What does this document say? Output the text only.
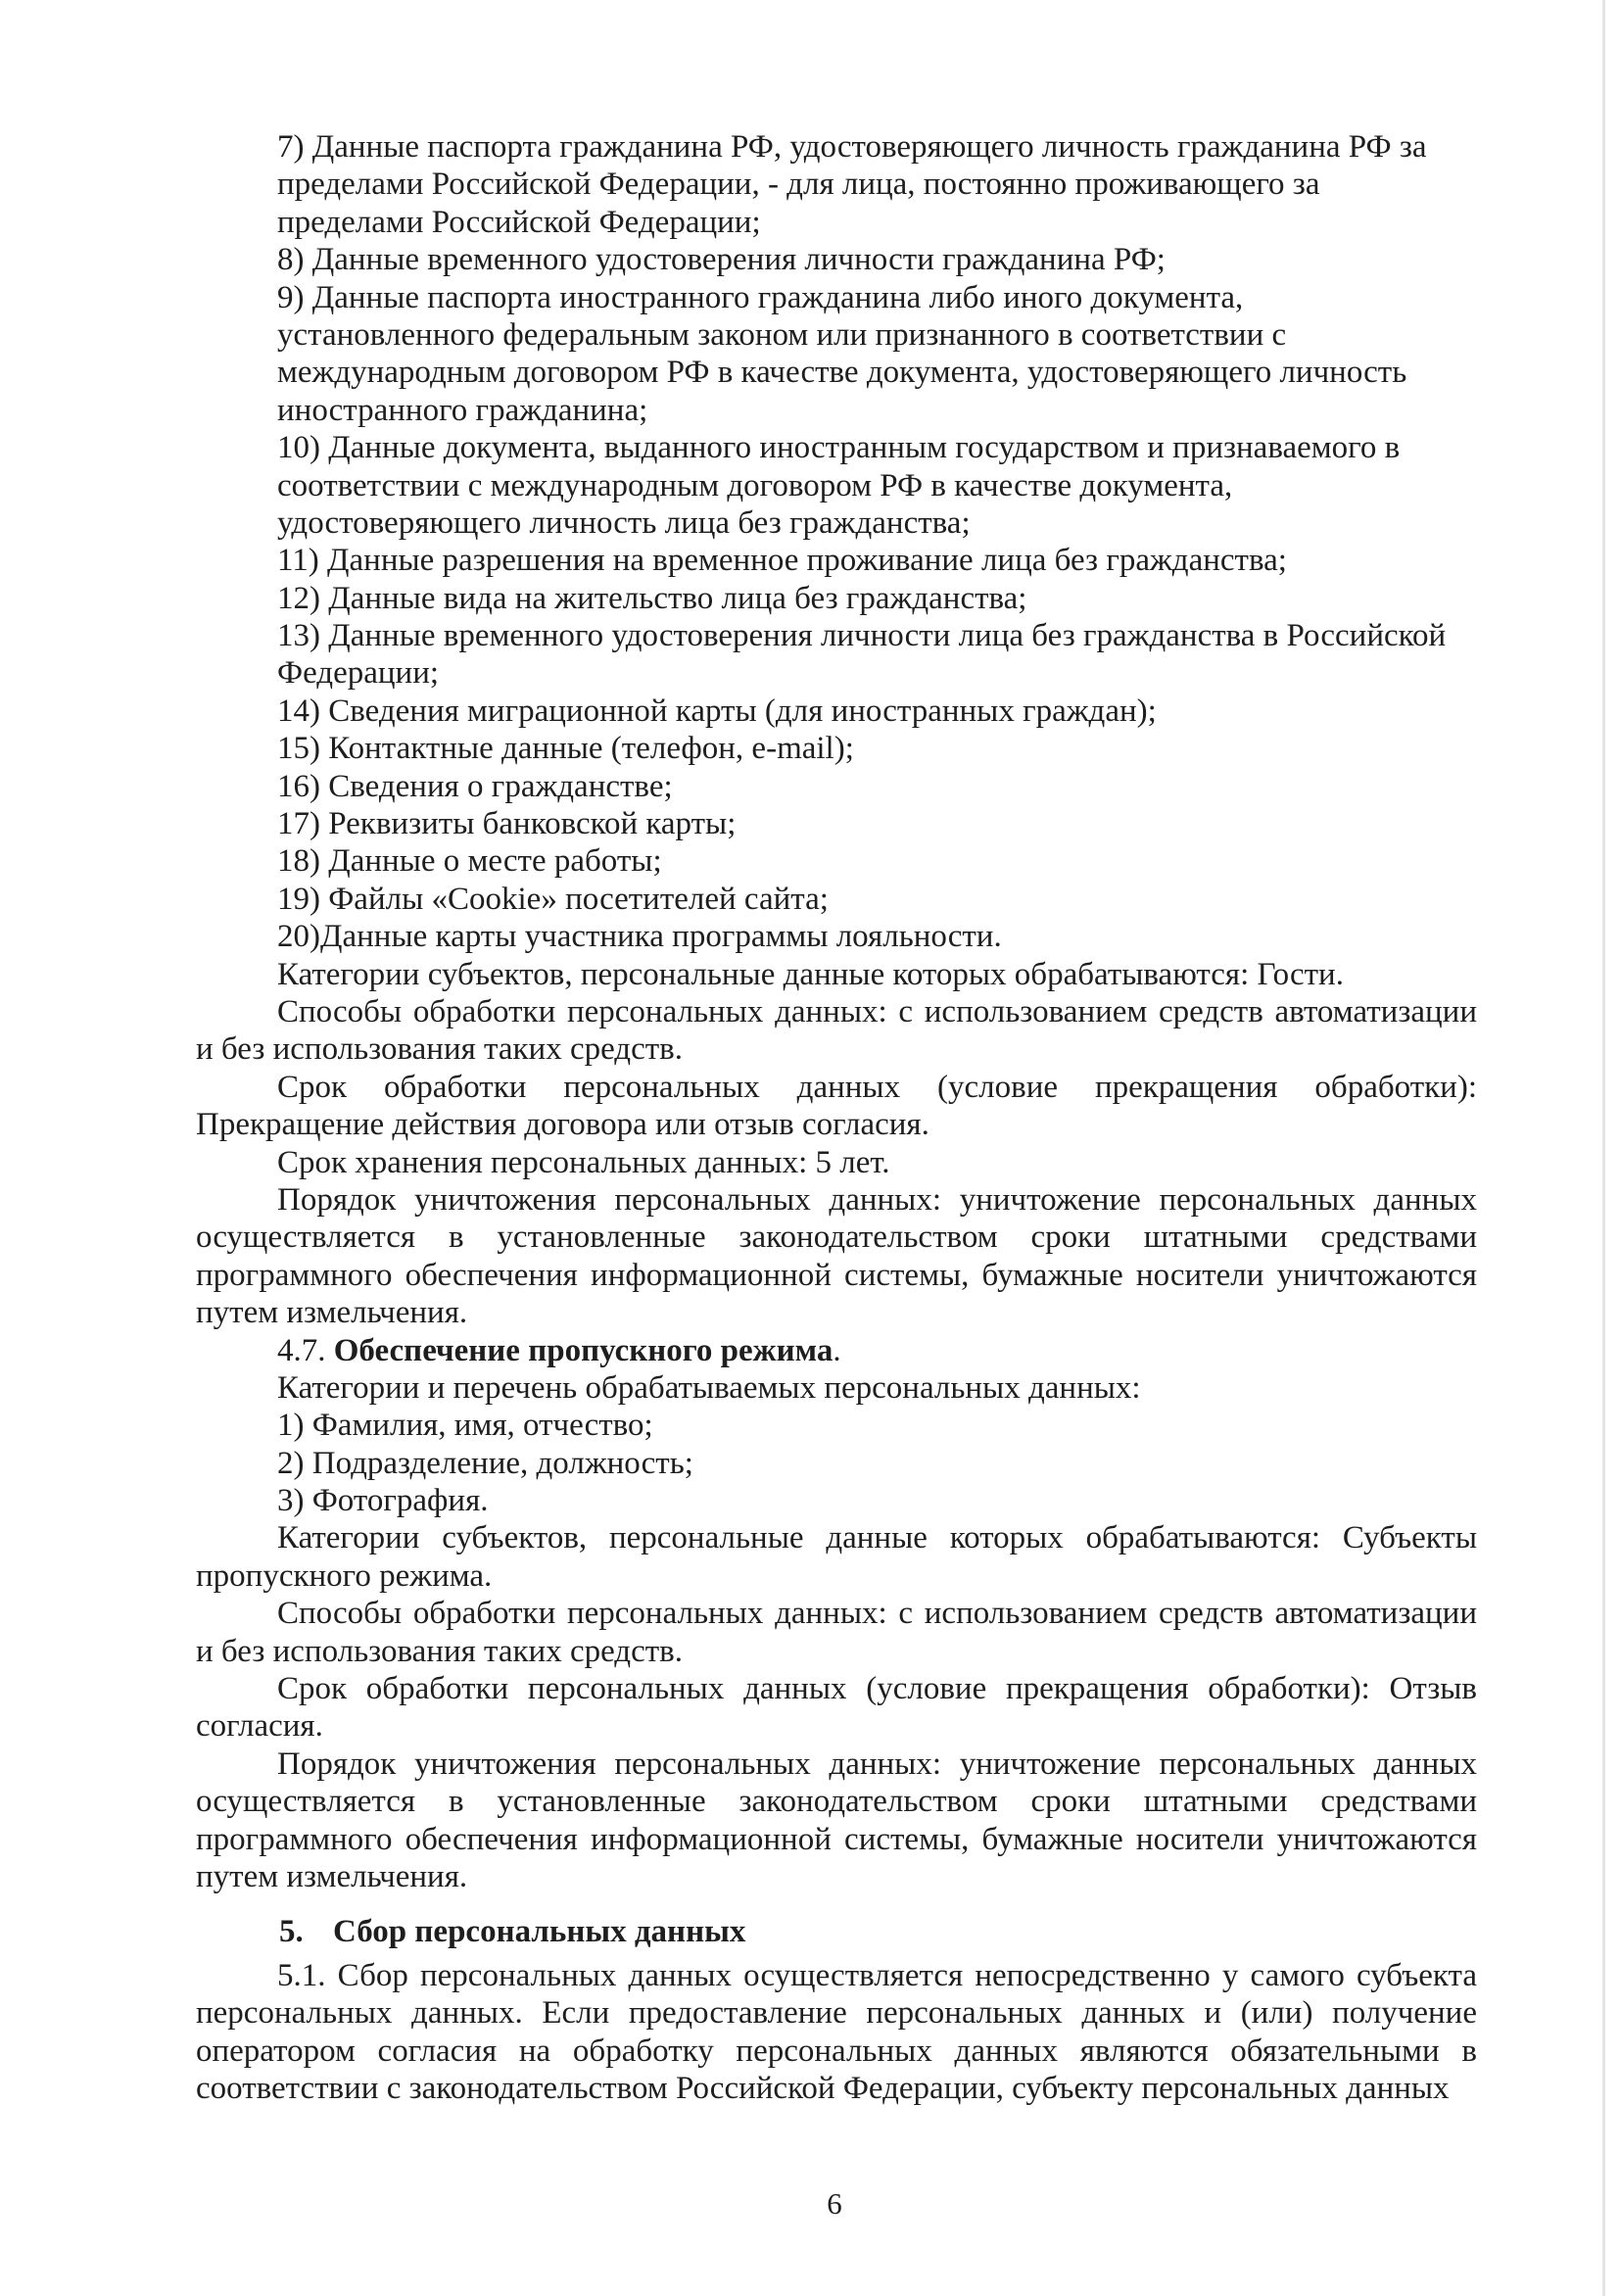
7) Данные паспорта гражданина РФ, удостоверяющего личность гражданина РФ за
пределами Российской Федерации, - для лица, постоянно проживающего за
пределами Российской Федерации;
8) Данные временного удостоверения личности гражданина РФ;
9) Данные паспорта иностранного гражданина либо иного документа,
установленного федеральным законом или признанного в соответствии с
международным договором РФ в качестве документа, удостоверяющего личность
иностранного гражданина;
10) Данные документа, выданного иностранным государством и признаваемого в
соответствии с международным договором РФ в качестве документа,
удостоверяющего личность лица без гражданства;
11) Данные разрешения на временное проживание лица без гражданства;
12) Данные вида на жительство лица без гражданства;
13) Данные временного удостоверения личности лица без гражданства в Российской
Федерации;
14) Сведения миграционной карты (для иностранных граждан);
15) Контактные данные (телефон, e-mail);
16) Сведения о гражданстве;
17) Реквизиты банковской карты;
18) Данные о месте работы;
19) Файлы «Cookie» посетителей сайта;
20)Данные карты участника программы лояльности.
Категории субъектов, персональные данные которых обрабатываются: Гости.
Способы обработки персональных данных: с использованием средств автоматизации
и без использования таких средств.
Срок обработки персональных данных (условие прекращения обработки):
Прекращение действия договора или отзыв согласия.
Срок хранения персональных данных: 5 лет.
Порядок уничтожения персональных данных: уничтожение персональных данных
осуществляется в установленные законодательством сроки штатными средствами
программного обеспечения информационной системы, бумажные носители уничтожаются
путем измельчения.
4.7. Обеспечение пропускного режима.
Категории и перечень обрабатываемых персональных данных:
1) Фамилия, имя, отчество;
2) Подразделение, должность;
3) Фотография.
Категории субъектов, персональные данные которых обрабатываются: Субъекты
пропускного режима.
Способы обработки персональных данных: с использованием средств автоматизации
и без использования таких средств.
Срок обработки персональных данных (условие прекращения обработки): Отзыв
согласия.
Порядок уничтожения персональных данных: уничтожение персональных данных
осуществляется в установленные законодательством сроки штатными средствами
программного обеспечения информационной системы, бумажные носители уничтожаются
путем измельчения.
5. Сбор персональных данных
5.1. Сбор персональных данных осуществляется непосредственно у самого субъекта
персональных данных. Если предоставление персональных данных и (или) получение
оператором согласия на обработку персональных данных являются обязательными в
соответствии с законодательством Российской Федерации, субъекту персональных данных
6
